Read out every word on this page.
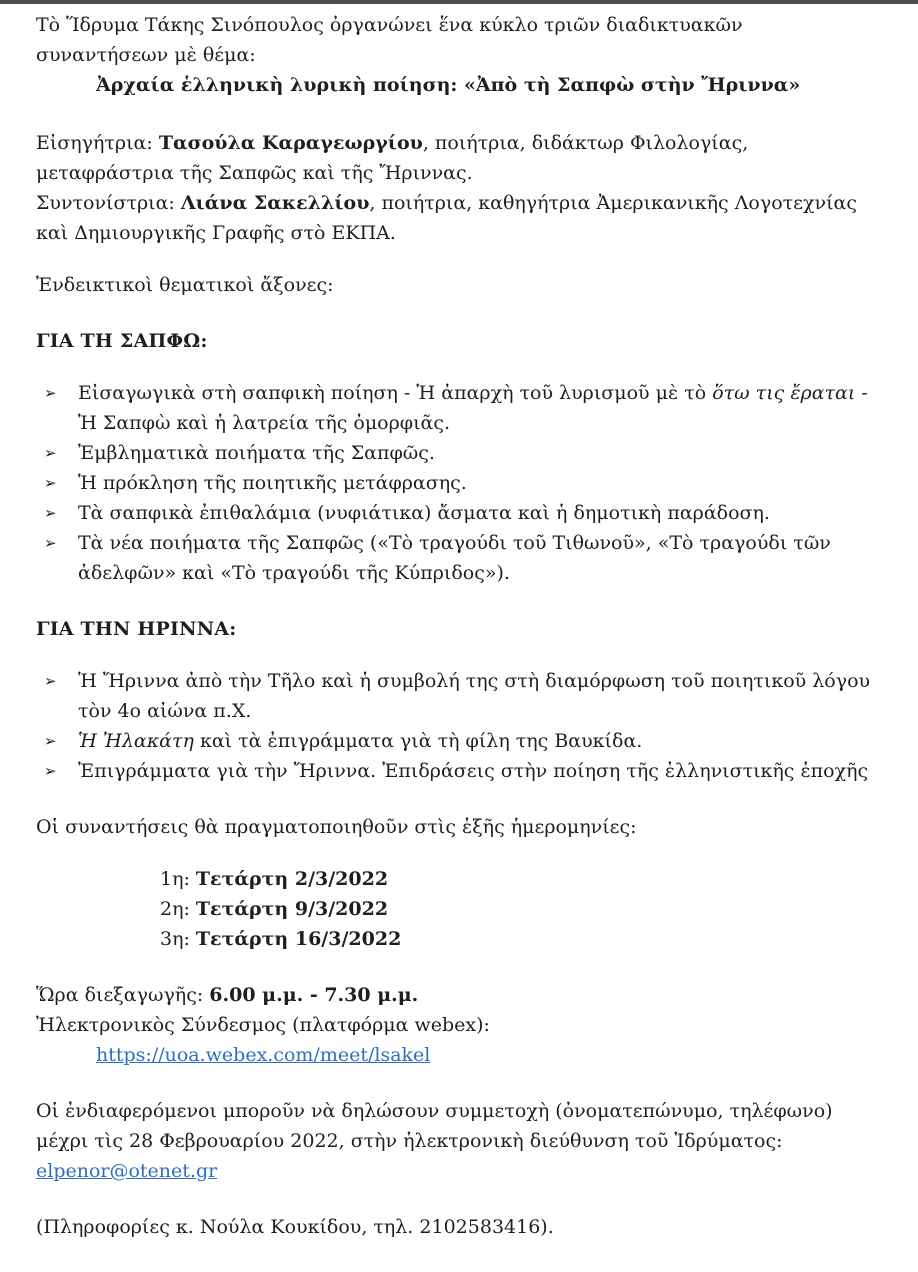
Τὸ Ἵδρυμα Τάκης Σινόπουλος ὀργανώνει ἕνα κύκλο τριῶν διαδικτυακῶν συναντήσεων μὲ θέμα:

Ἀρχαία ἑλληνικὴ λυρικὴ ποίηση: «Ἀπὸ τὴ Σαπφὼ στὴν Ἤριννα»

Εἰσηγήτρια: Τασούλα Καραγεωργίου, ποιήτρια, διδάκτωρ Φιλολογίας, μεταφράστρια τῆς Σαπφῶς καὶ τῆς Ἤριννας.

Συντονίστρια: Λιάνα Σακελλίου, ποιήτρια, καθηγήτρια Ἀμερικανικῆς Λογοτεχνίας καὶ Δημιουργικῆς Γραφῆς στὸ ΕΚΠΑ.

Ἐνδεικτικοὶ θεματικοὶ ἄξονες:

ΓΙΑ ΤΗ ΣΑΠΦΩ:

➢	Εἰσαγωγικὰ στὴ σαπφικὴ ποίηση - Ἡ ἀπαρχὴ τοῦ λυρισμοῦ μὲ τὸ ὅτω τις ἔραται - Ἡ Σαπφὼ καὶ ἡ λατρεία τῆς ὀμορφιᾶς.
➢	Ἐμβληματικὰ ποιήματα τῆς Σαπφῶς.
➢	Ἡ πρόκληση τῆς ποιητικῆς μετάφρασης.
➢	Τὰ σαπφικὰ ἐπιθαλάμια (νυφιάτικα) ἄσματα καὶ ἡ δημοτικὴ παράδοση.
➢	Τὰ νέα ποιήματα τῆς Σαπφῶς («Τὸ τραγούδι τοῦ Τιθωνοῦ», «Τὸ τραγούδι τῶν ἀδελφῶν» καὶ «Τὸ τραγούδι τῆς Κύπριδος»).

ΓΙΑ ΤΗΝ ΗΡΙΝΝΑ:

➢	Ἡ Ἤριννα ἀπὸ τὴν Τῆλο καὶ ἡ συμβολή της στὴ διαμόρφωση τοῦ ποιητικοῦ λόγου τὸν 4ο αἰώνα π.Χ.
➢	Ἡ Ἠλακάτη καὶ τὰ ἐπιγράμματα γιὰ τὴ φίλη της Βαυκίδα.
➢	Ἐπιγράμματα γιὰ τὴν Ἤριννα. Ἐπιδράσεις στὴν ποίηση τῆς ἑλληνιστικῆς ἐποχῆς

Οἱ συναντήσεις θὰ πραγματοποιηθοῦν στὶς ἑξῆς ἡμερομηνίες:

1η: Τετάρτη 2/3/2022

2η: Τετάρτη 9/3/2022

3η: Τετάρτη 16/3/2022

Ὥρα διεξαγωγῆς: 6.00 μ.μ. - 7.30 μ.μ.

Ἠλεκτρονικὸς Σύνδεσμος (πλατφόρμα webex):

https://uoa.webex.com/meet/lsakel

Οἱ ἐνδιαφερόμενοι μποροῦν νὰ δηλώσουν συμμετοχὴ (ὀνοματεπώνυμο, τηλέφωνο) μέχρι τὶς 28 Φεβρουαρίου 2022, στὴν ἠλεκτρονικὴ διεύθυνση τοῦ Ἱδρύματος: elpenor@otenet.gr

(Πληροφορίες κ. Νούλα Κουκίδου, τηλ. 2102583416).
